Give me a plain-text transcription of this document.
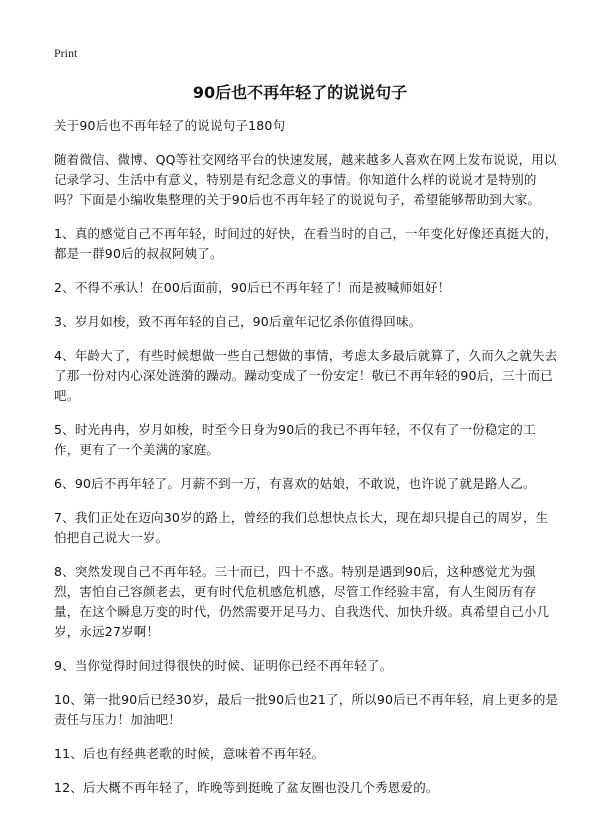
Print
90后也不再年轻了的说说句子

关于90后也不再年轻了的说说句子180句

随着微信、微博、QQ等社交网络平台的快速发展，越来越多人喜欢在网上发布说说，用以记录学习、生活中有意义，特别是有纪念意义的事情。你知道什么样的说说才是特别的吗？下面是小编收集整理的关于90后也不再年轻了的说说句子，希望能够帮助到大家。

1、真的感觉自己不再年轻，时间过的好快，在看当时的自己，一年变化好像还真挺大的，都是一群90后的叔叔阿姨了。

2、不得不承认！在00后面前，90后已不再年轻了！而是被喊师姐好！

3、岁月如梭，致不再年轻的自己，90后童年记忆杀你值得回味。

4、年龄大了，有些时候想做一些自己想做的事情，考虑太多最后就算了，久而久之就失去了那一份对内心深处涟漪的躁动。躁动变成了一份安定！敬已不再年轻的90后，三十而已吧。

5、时光冉冉，岁月如梭，时至今日身为90后的我已不再年轻，不仅有了一份稳定的工作，更有了一个美满的家庭。

6、90后不再年轻了。月薪不到一万，有喜欢的姑娘，不敢说，也许说了就是路人乙。

7、我们正处在迈向30岁的路上，曾经的我们总想快点长大，现在却只提自己的周岁，生怕把自己说大一岁。

8、突然发现自己不再年轻。三十而已，四十不惑。特别是遇到90后，这种感觉尤为强烈，害怕自己容颜老去，更有时代危机感危机感，尽管工作经验丰富，有人生阅历有存量，在这个瞬息万变的时代，仍然需要开足马力、自我迭代、加快升级。真希望自己小几岁，永远27岁啊！

9、当你觉得时间过得很快的时候、证明你已经不再年轻了。

10、第一批90后已经30岁，最后一批90后也21了，所以90后已不再年轻，肩上更多的是责任与压力！加油吧！

11、后也有经典老歌的时候，意味着不再年轻。

12、后大概不再年轻了，昨晚等到挺晚了盆友圈也没几个秀恩爱的。
